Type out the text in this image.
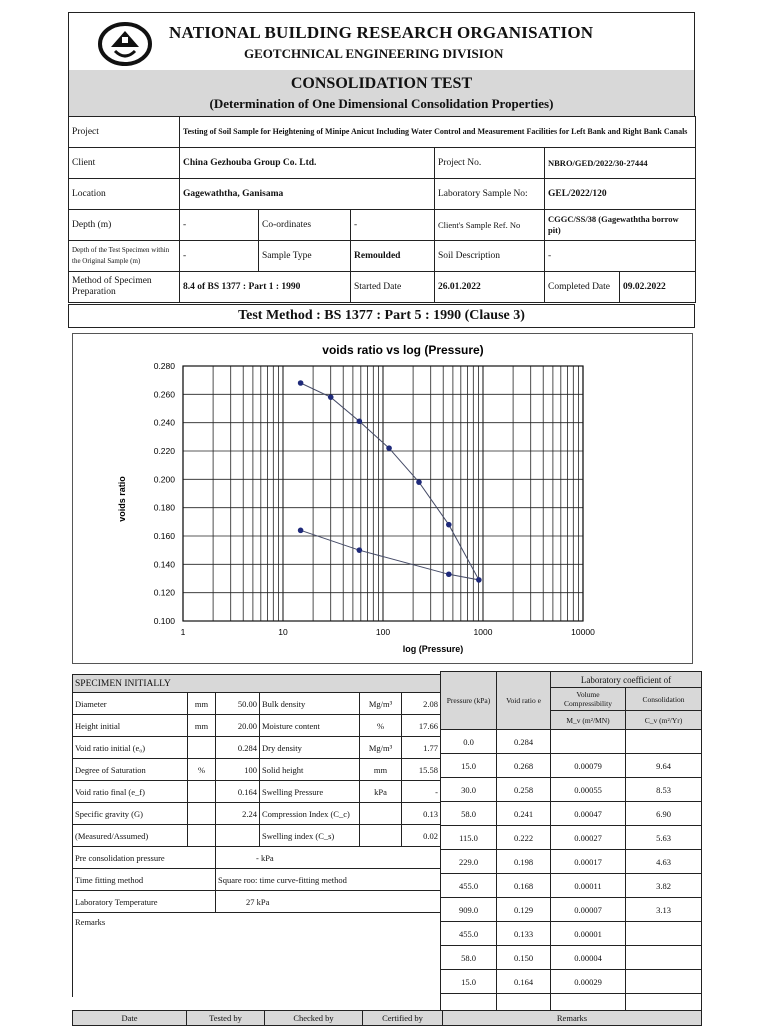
NATIONAL BUILDING RESEARCH ORGANISATION
GEOTCHNICAL ENGINEERING DIVISION
CONSOLIDATION TEST
(Determination of One Dimensional Consolidation Properties)
Project	Testing of Soil Sample for Heightening of Minipe Anicut Including Water Control and Measurement Facilities for Left Bank and Right Bank Canals					
Client	China Gezhouba Group Co. Ltd.			Project No.	NBRO/GED/2022/30-27444	
Location	Gagewaththa, Ganisama			Laboratory Sample No:	GEL/2022/120	
Depth (m)	-	Co-ordinates	-	Client's Sample Ref. No	CGGC/SS/38 (Gagewaththa borrow pit)	
Depth of the Test Specimen within the Original Sample (m)	-	Sample Type	Remoulded	Soil Description	-	
Method of Specimen Preparation	8.4 of BS 1377 : Part 1 : 1990		Started Date	26.01.2022	Completed Date	09.02.2022
Test Method : BS 1377 : Part 5 : 1990 (Clause 3)
voids ratio vs log (Pressure)
voids ratio
log (Pressure)
0.100
0.120
0.140
0.160
0.180
0.200
0.220
0.240
0.260
0.280
1	10	100	1000	10000
SPECIMEN INITIALLY					
Diameter	mm	50.00	Bulk density	Mg/m³	2.08
Height initial	mm	20.00	Moisture content	%	17.66
Void ratio initial (e₀)		0.284	Dry density	Mg/m³	1.77
Degree of Saturation	%	100	Solid height	mm	15.58
Void ratio final (e_f)		0.164	Swelling Pressure	kPa	-
Specific gravity (G)		2.24	Compression Index (C_c)		0.13
(Measured/Assumed)			Swelling index (C_s)		0.02
Pre consolidation pressure		- kPa			
Time fitting method		Square roo: time curve-fitting method			
Laboratory Temperature		27 kPa			
Remarks					
Pressure (kPa)	Void ratio e	Laboratory coefficient of	
		Volume Compressibility	Consolidation
		M_v (m²/MN)	C_v (m²/Yr)
0.0	0.284		
15.0	0.268	0.00079	9.64
30.0	0.258	0.00055	8.53
58.0	0.241	0.00047	6.90
115.0	0.222	0.00027	5.63
229.0	0.198	0.00017	4.63
455.0	0.168	0.00011	3.82
909.0	0.129	0.00007	3.13
455.0	0.133	0.00001	
58.0	0.150	0.00004	
15.0	0.164	0.00029	

Date	Tested by	Checked by	Certified by	Remarks
